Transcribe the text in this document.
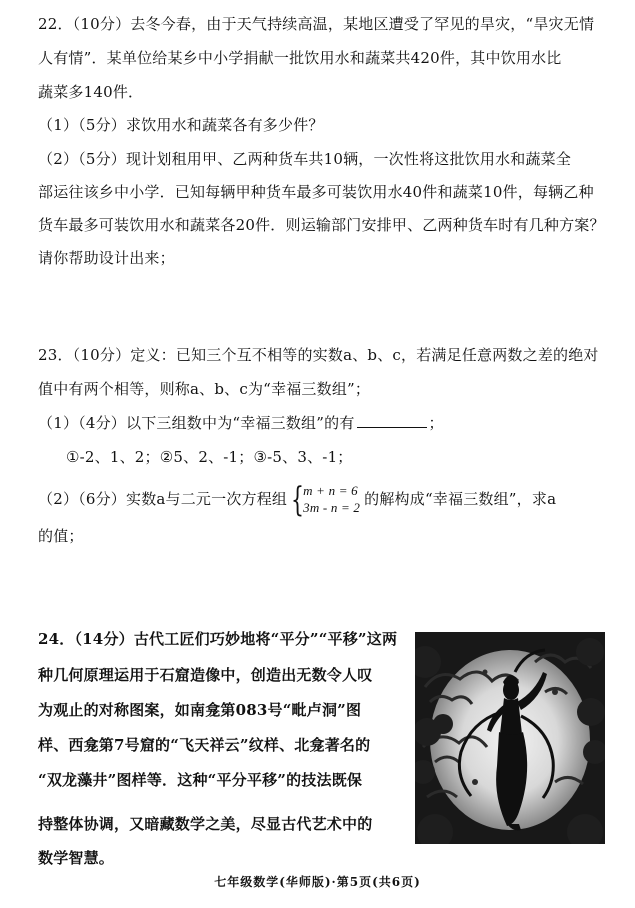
22．（10分）去冬今春，由于天气持续高温，某地区遭受了罕见的旱灾，“旱灾无情
人有情”．某单位给某乡中小学捐献一批饮用水和蔬菜共420件，其中饮用水比
蔬菜多140件．
（1）（5分）求饮用水和蔬菜各有多少件？
（2）（5分）现计划租用甲、乙两种货车共10辆，一次性将这批饮用水和蔬菜全
部运往该乡中小学．已知每辆甲种货车最多可装饮用水40件和蔬菜10件，每辆乙种
货车最多可装饮用水和蔬菜各20件．则运输部门安排甲、乙两种货车时有几种方案？
请你帮助设计出来；
23．（10分）定义：已知三个互不相等的实数a、b、c，若满足任意两数之差的绝对
值中有两个相等，则称a、b、c为“幸福三数组”；
（1）（4分）以下三组数中为“幸福三数组”的有	；
①-2、1、2；②5、2、-1；③-5、3、-1；
（2）（6分）实数a与二元一次方程组 {
m + n = 6
3m - n = 2 的解构成“幸福三数组”，求a
的值；
24．（14分）古代工匠们巧妙地将“平分”“平移”这两
种几何原理运用于石窟造像中，创造出无数令人叹
为观止的对称图案，如南龛第083号“毗卢洞”图
样、西龛第7号窟的“飞天祥云”纹样、北龛著名的
“双龙藻井”图样等．这种“平分平移”的技法既保
持整体协调，又暗藏数学之美，尽显古代艺术中的
数学智慧。
七年级数学(华师版)·第5页(共6页)
